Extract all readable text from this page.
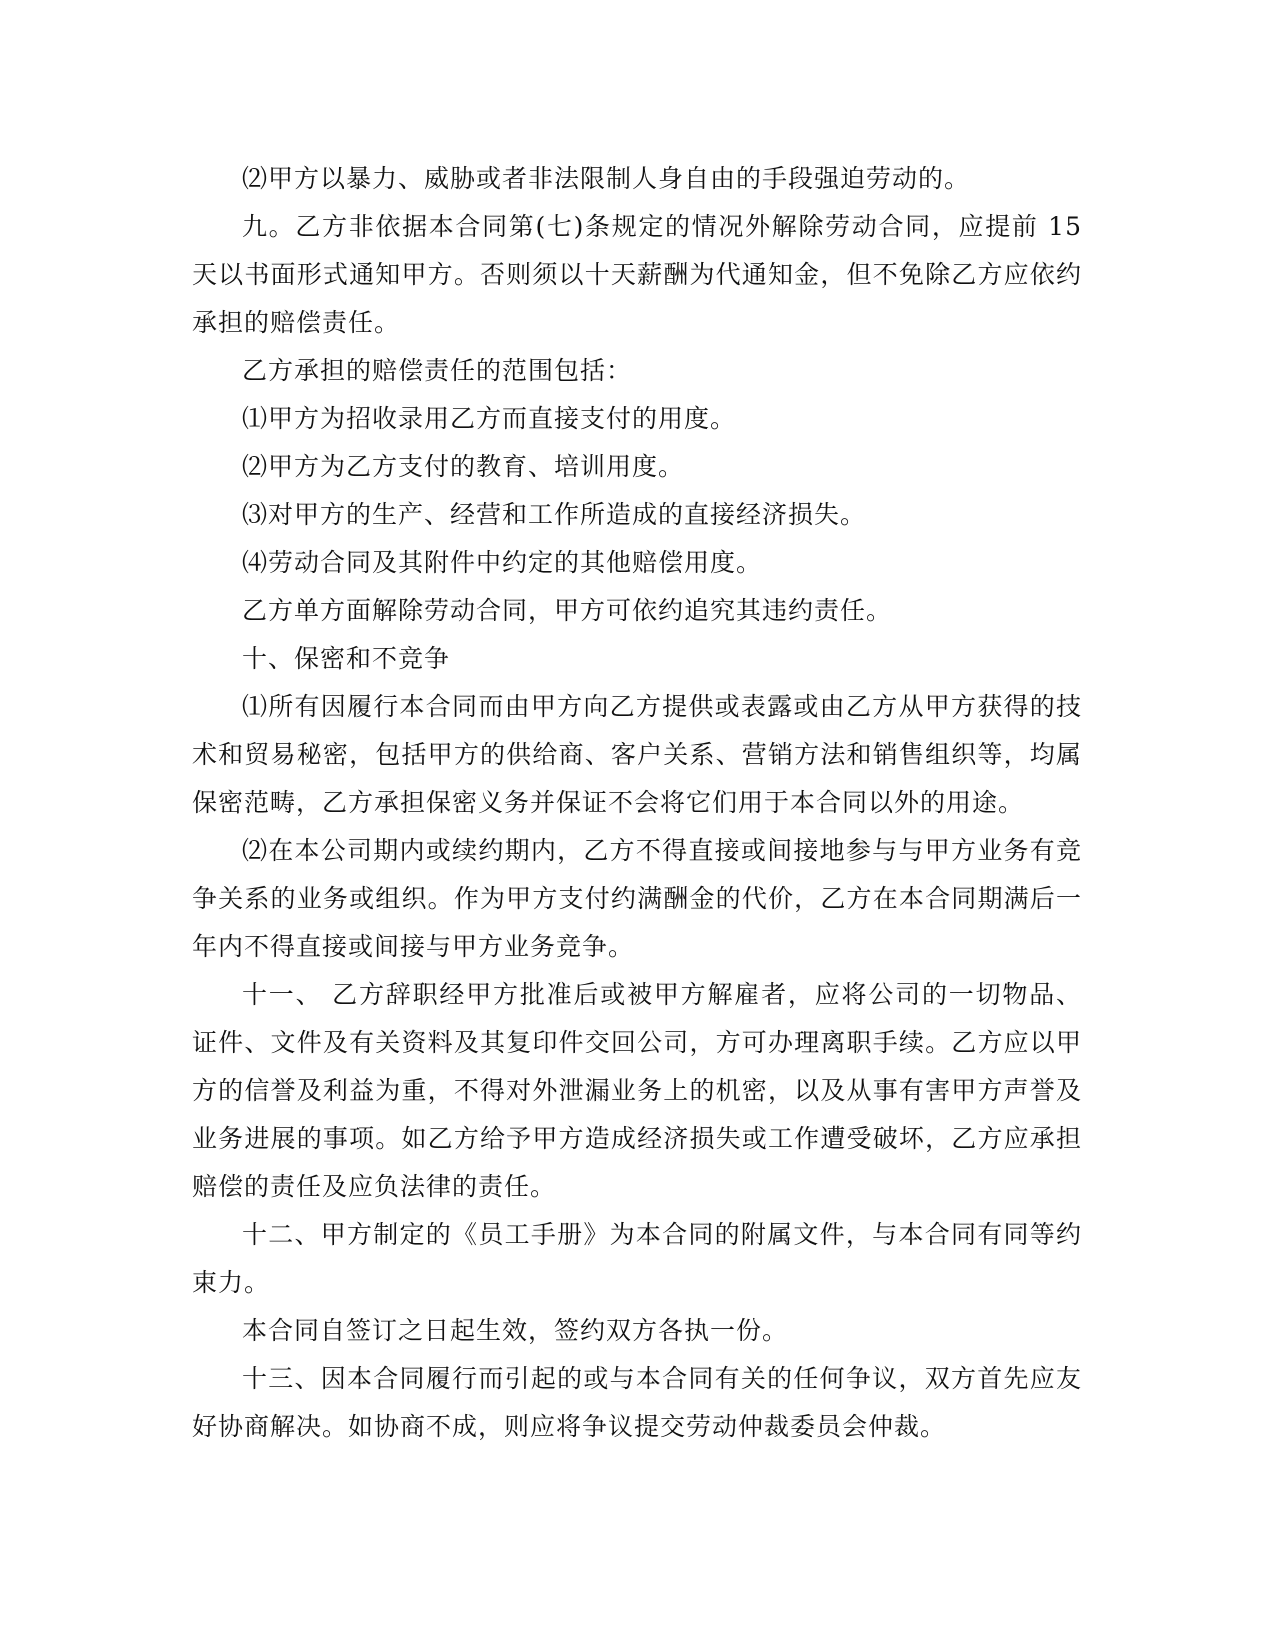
⑵甲方以暴力、威胁或者非法限制人身自由的手段强迫劳动的。

九。乙方非依据本合同第(七)条规定的情况外解除劳动合同，应提前 15 天以书面形式通知甲方。否则须以十天薪酬为代通知金，但不免除乙方应依约承担的赔偿责任。

乙方承担的赔偿责任的范围包括：

⑴甲方为招收录用乙方而直接支付的用度。

⑵甲方为乙方支付的教育、培训用度。

⑶对甲方的生产、经营和工作所造成的直接经济损失。

⑷劳动合同及其附件中约定的其他赔偿用度。

乙方单方面解除劳动合同，甲方可依约追究其违约责任。

十、保密和不竞争

⑴所有因履行本合同而由甲方向乙方提供或表露或由乙方从甲方获得的技术和贸易秘密，包括甲方的供给商、客户关系、营销方法和销售组织等，均属保密范畴，乙方承担保密义务并保证不会将它们用于本合同以外的用途。

⑵在本公司期内或续约期内，乙方不得直接或间接地参与与甲方业务有竞争关系的业务或组织。作为甲方支付约满酬金的代价，乙方在本合同期满后一年内不得直接或间接与甲方业务竞争。

十一、 乙方辞职经甲方批准后或被甲方解雇者，应将公司的一切物品、证件、文件及有关资料及其复印件交回公司，方可办理离职手续。乙方应以甲方的信誉及利益为重，不得对外泄漏业务上的机密，以及从事有害甲方声誉及业务进展的事项。如乙方给予甲方造成经济损失或工作遭受破坏，乙方应承担赔偿的责任及应负法律的责任。

十二、甲方制定的《员工手册》为本合同的附属文件，与本合同有同等约束力。

本合同自签订之日起生效，签约双方各执一份。

十三、因本合同履行而引起的或与本合同有关的任何争议，双方首先应友好协商解决。如协商不成，则应将争议提交劳动仲裁委员会仲裁。
